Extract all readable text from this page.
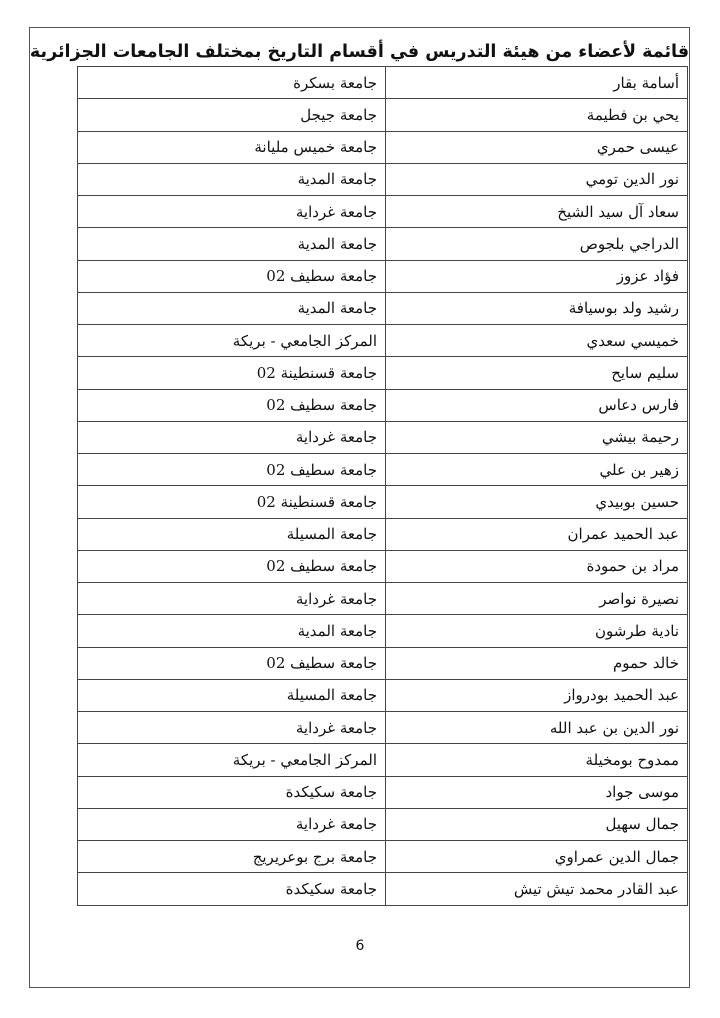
قائمة لأعضاء من هيئة التدريس في أقسام التاريخ بمختلف الجامعات الجزائرية
أسامة بقار	جامعة بسكرة
يحي بن فطيمة	جامعة جيجل
عيسى حمري	جامعة خميس مليانة
نور الدين تومي	جامعة المدية
سعاد آل سيد الشيخ	جامعة غرداية
الدراجي بلجوص	جامعة المدية
فؤاد عزوز	جامعة سطيف 02
رشيد ولد بوسيافة	جامعة المدية
خميسي سعدي	المركز الجامعي - بريكة
سليم سايح	جامعة قسنطينة 02
فارس دعاس	جامعة سطيف 02
رحيمة بيشي	جامعة غرداية
زهير بن علي	جامعة سطيف 02
حسين بوبيدي	جامعة قسنطينة 02
عبد الحميد عمران	جامعة المسيلة
مراد بن حمودة	جامعة سطيف 02
نصيرة نواصر	جامعة غرداية
نادية طرشون	جامعة المدية
خالد حموم	جامعة سطيف 02
عبد الحميد بودرواز	جامعة المسيلة
نور الدين بن عبد الله	جامعة غرداية
ممدوح بومخيلة	المركز الجامعي - بريكة
موسى جواد	جامعة سكيكدة
جمال سهيل	جامعة غرداية
جمال الدين عمراوي	جامعة برج بوعريريج
عبد القادر محمد تيش تيش	جامعة سكيكدة
6
